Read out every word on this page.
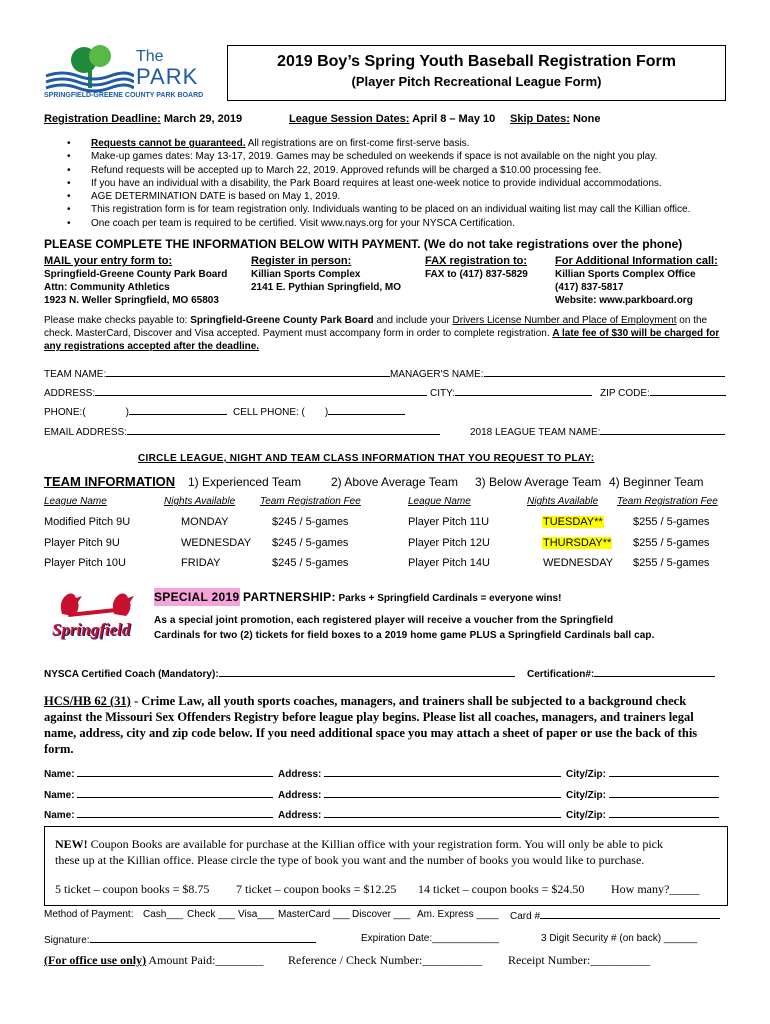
The
PARK
SPRINGFIELD-GREENE COUNTY PARK BOARD
2019 Boy’s Spring Youth Baseball Registration Form
(Player Pitch Recreational League Form)
Registration Deadline: March 29, 2019	League Session Dates: April 8 – May 10 Skip Dates: None
• Requests cannot be guaranteed. All registrations are on first-come first-serve basis.
• Make-up games dates: May 13-17, 2019. Games may be scheduled on weekends if space is not available on the night you play.
• Refund requests will be accepted up to March 22, 2019. Approved refunds will be charged a $10.00 processing fee.
• If you have an individual with a disability, the Park Board requires at least one-week notice to provide individual accommodations.
• AGE DETERMINATION DATE is based on May 1, 2019.
• This registration form is for team registration only. Individuals wanting to be placed on an individual waiting list may call the Killian office.
• One coach per team is required to be certified. Visit www.nays.org for your NYSCA Certification.
PLEASE COMPLETE THE INFORMATION BELOW WITH PAYMENT. (We do not take registrations over the phone)
MAIL your entry form to:
Springfield-Greene County Park Board
Attn: Community Athletics
1923 N. Weller Springfield, MO 65803
Register in person:
Killian Sports Complex
2141 E. Pythian Springfield, MO
FAX registration to:
FAX to (417) 837-5829
For Additional Information call:
Killian Sports Complex Office
(417) 837-5817
Website: www.parkboard.org
Please make checks payable to: Springfield-Greene County Park Board and include your Drivers License Number and Place of Employment on the
check. MasterCard, Discover and Visa accepted. Payment must accompany form in order to complete registration. A late fee of $30 will be charged for
any registrations accepted after the deadline.
TEAM NAME:	MANAGER'S NAME:
ADDRESS:	CITY:	ZIP CODE:
PHONE:(	)	CELL PHONE: ( )
EMAIL ADDRESS:	2018 LEAGUE TEAM NAME:
CIRCLE LEAGUE, NIGHT AND TEAM CLASS INFORMATION THAT YOU REQUEST TO PLAY:
TEAM INFORMATION 1) Experienced Team 2) Above Average Team 3) Below Average Team 4) Beginner Team
League Name	Nights Available Team Registration Fee	League Name	Nights Available Team Registration Fee
Modified Pitch 9U	MONDAY	$245 / 5-games	Player Pitch 11U	TUESDAY**	$255 / 5-games
Player Pitch 9U	WEDNESDAY $245 / 5-games	Player Pitch 12U	THURSDAY** $255 / 5-games
Player Pitch 10U	FRIDAY	$245 / 5-games	Player Pitch 14U	WEDNESDAY $255 / 5-games
Springfield
SPECIAL 2019 PARTNERSHIP: Parks + Springfield Cardinals = everyone wins!
As a special joint promotion, each registered player will receive a voucher from the Springfield
Cardinals for two (2) tickets for field boxes to a 2019 home game PLUS a Springfield Cardinals ball cap.
NYSCA Certified Coach (Mandatory):	Certification#:
HCS/HB 62 (31) - Crime Law, all youth sports coaches, managers, and trainers shall be subjected to a background check
against the Missouri Sex Offenders Registry before league play begins. Please list all coaches, managers, and trainers legal
name, address, city and zip code below. If you need additional space you may attach a sheet of paper or use the back of this
form.
Name:	Address:	City/Zip:
Name:	Address:	City/Zip:
Name:	Address:	City/Zip:
NEW! Coupon Books are available for purchase at the Killian office with your registration form. You will only be able to pick
these up at the Killian office. Please circle the type of book you want and the number of books you would like to purchase.
5 ticket – coupon books = $8.75 7 ticket – coupon books = $12.25 14 ticket – coupon books = $24.50 How many?_____
Method of Payment: Cash___ Check ___ Visa___ MasterCard ___ Discover ___ Am. Express ____ Card #
Signature:	Expiration Date:____________	3 Digit Security # (on back) ______
(For office use only) Amount Paid:________ Reference / Check Number:__________ Receipt Number:__________
